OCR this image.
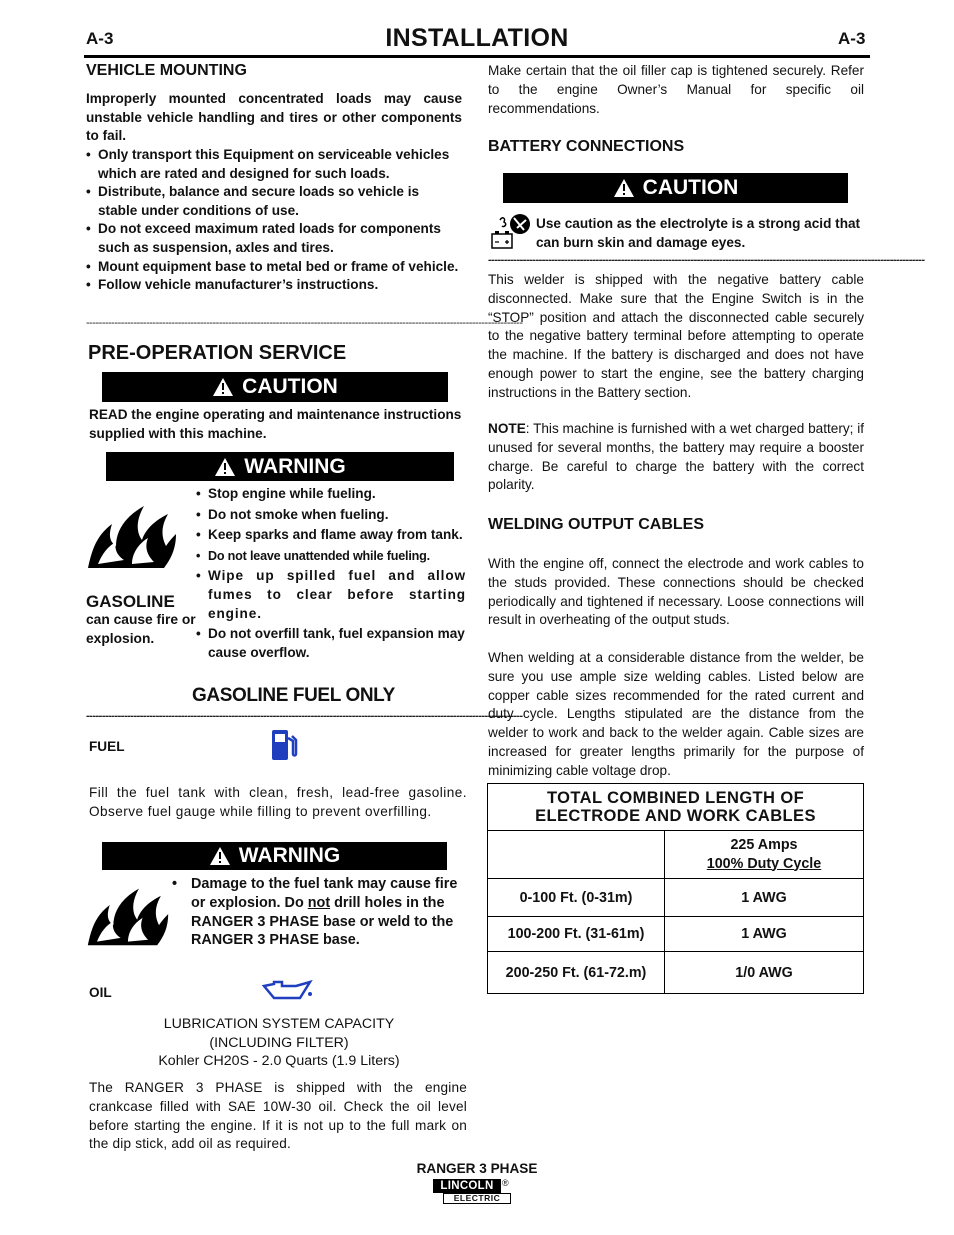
A-3	INSTALLATION	A-3
VEHICLE MOUNTING
Improperly mounted concentrated loads may cause unstable vehicle handling and tires or other components to fail.
• Only transport this Equipment on serviceable vehicles which are rated and designed for such loads.
• Distribute, balance and secure loads so vehicle is stable under conditions of use.
• Do not exceed maximum rated loads for components such as suspension, axles and tires.
• Mount equipment base to metal bed or frame of vehicle.
• Follow vehicle manufacturer’s instructions.
------------------------------------------------------------------------------------------------------------------------------------------
PRE-OPERATION SERVICE
CAUTION
READ the engine operating and maintenance instructions supplied with this machine.
WARNING
• Stop engine while fueling.
• Do not smoke when fueling.
• Keep sparks and flame away from tank.
• Do not leave unattended while fueling.
• Wipe up spilled fuel and allow fumes to clear before starting engine.
• Do not overfill tank, fuel expansion may cause overflow.
GASOLINE
can cause fire or explosion.
GASOLINE FUEL ONLY
------------------------------------------------------------------------------------------------------------------------------------------
FUEL
Fill the fuel tank with clean, fresh, lead-free gasoline. Observe fuel gauge while filling to prevent overfilling.
WARNING
• Damage to the fuel tank may cause fire or explosion. Do not drill holes in the RANGER 3 PHASE base or weld to the RANGER 3 PHASE base.
OIL
LUBRICATION SYSTEM CAPACITY
(INCLUDING FILTER)
Kohler CH20S - 2.0 Quarts (1.9 Liters)
The RANGER 3 PHASE is shipped with the engine crankcase filled with SAE 10W-30 oil. Check the oil level before starting the engine. If it is not up to the full mark on the dip stick, add oil as required.
Make certain that the oil filler cap is tightened securely. Refer to the engine Owner’s Manual for specific oil recommendations.
BATTERY CONNECTIONS
CAUTION
Use caution as the electrolyte is a strong acid that can burn skin and damage eyes.
------------------------------------------------------------------------------------------------------------------------------------------
This welder is shipped with the negative battery cable disconnected. Make sure that the Engine Switch is in the “STOP” position and attach the disconnected cable securely to the negative battery terminal before attempting to operate the machine. If the battery is discharged and does not have enough power to start the engine, see the battery charging instructions in the Battery section.
NOTE: This machine is furnished with a wet charged battery; if unused for several months, the battery may require a booster charge. Be careful to charge the battery with the correct polarity.
WELDING OUTPUT CABLES
With the engine off, connect the electrode and work cables to the studs provided. These connections should be checked periodically and tightened if necessary. Loose connections will result in overheating of the output studs.
When welding at a considerable distance from the welder, be sure you use ample size welding cables. Listed below are copper cable sizes recommended for the rated current and duty cycle. Lengths stipulated are the distance from the welder to work and back to the welder again. Cable sizes are increased for greater lengths primarily for the purpose of minimizing cable voltage drop.
TOTAL COMBINED LENGTH OF
ELECTRODE AND WORK CABLES	

	225 Amps
100% Duty Cycle

0-100 Ft. (0-31m)	1 AWG
100-200 Ft. (31-61m)	1 AWG
200-250 Ft. (61-72.m)	1/0 AWG
RANGER 3 PHASE
LINCOLN ®
ELECTRIC
